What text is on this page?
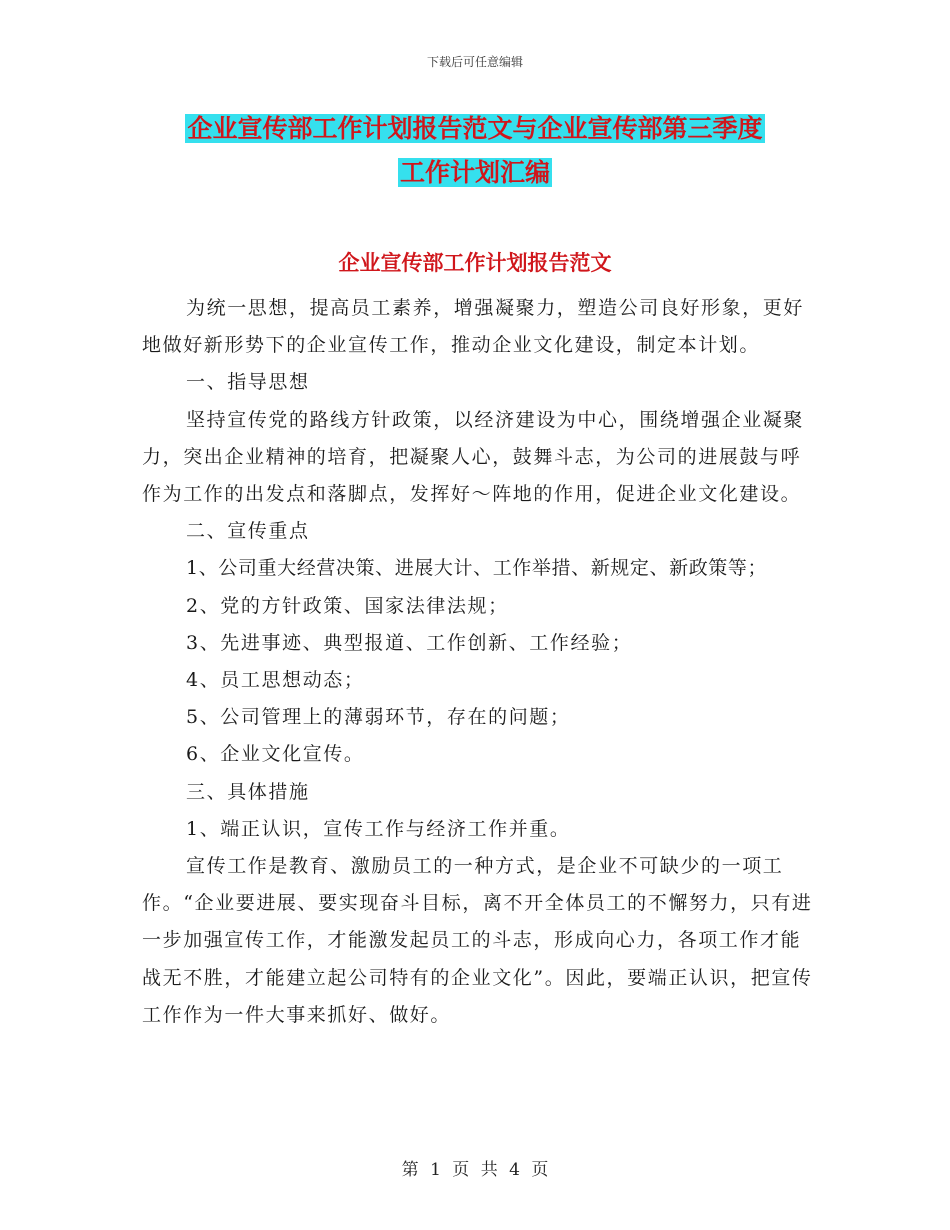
下载后可任意编辑
企业宣传部工作计划报告范文与企业宣传部第三季度
工作计划汇编
企业宣传部工作计划报告范文

为统一思想，提高员工素养，增强凝聚力，塑造公司良好形象，更好地做好新形势下的企业宣传工作，推动企业文化建设，制定本计划。

一、指导思想

坚持宣传党的路线方针政策，以经济建设为中心，围绕增强企业凝聚力，突出企业精神的培育，把凝聚人心，鼓舞斗志，为公司的进展鼓与呼作为工作的出发点和落脚点，发挥好～阵地的作用，促进企业文化建设。

二、宣传重点

1、公司重大经营决策、进展大计、工作举措、新规定、新政策等；

2、党的方针政策、国家法律法规；

3、先进事迹、典型报道、工作创新、工作经验；

4、员工思想动态；

5、公司管理上的薄弱环节，存在的问题；

6、企业文化宣传。

三、具体措施

1、端正认识，宣传工作与经济工作并重。

宣传工作是教育、激励员工的一种方式，是企业不可缺少的一项工作。“企业要进展、要实现奋斗目标，离不开全体员工的不懈努力，只有进一步加强宣传工作，才能激发起员工的斗志，形成向心力，各项工作才能战无不胜，才能建立起公司特有的企业文化”。因此，要端正认识，把宣传工作作为一件大事来抓好、做好。

第 1 页 共 4 页
